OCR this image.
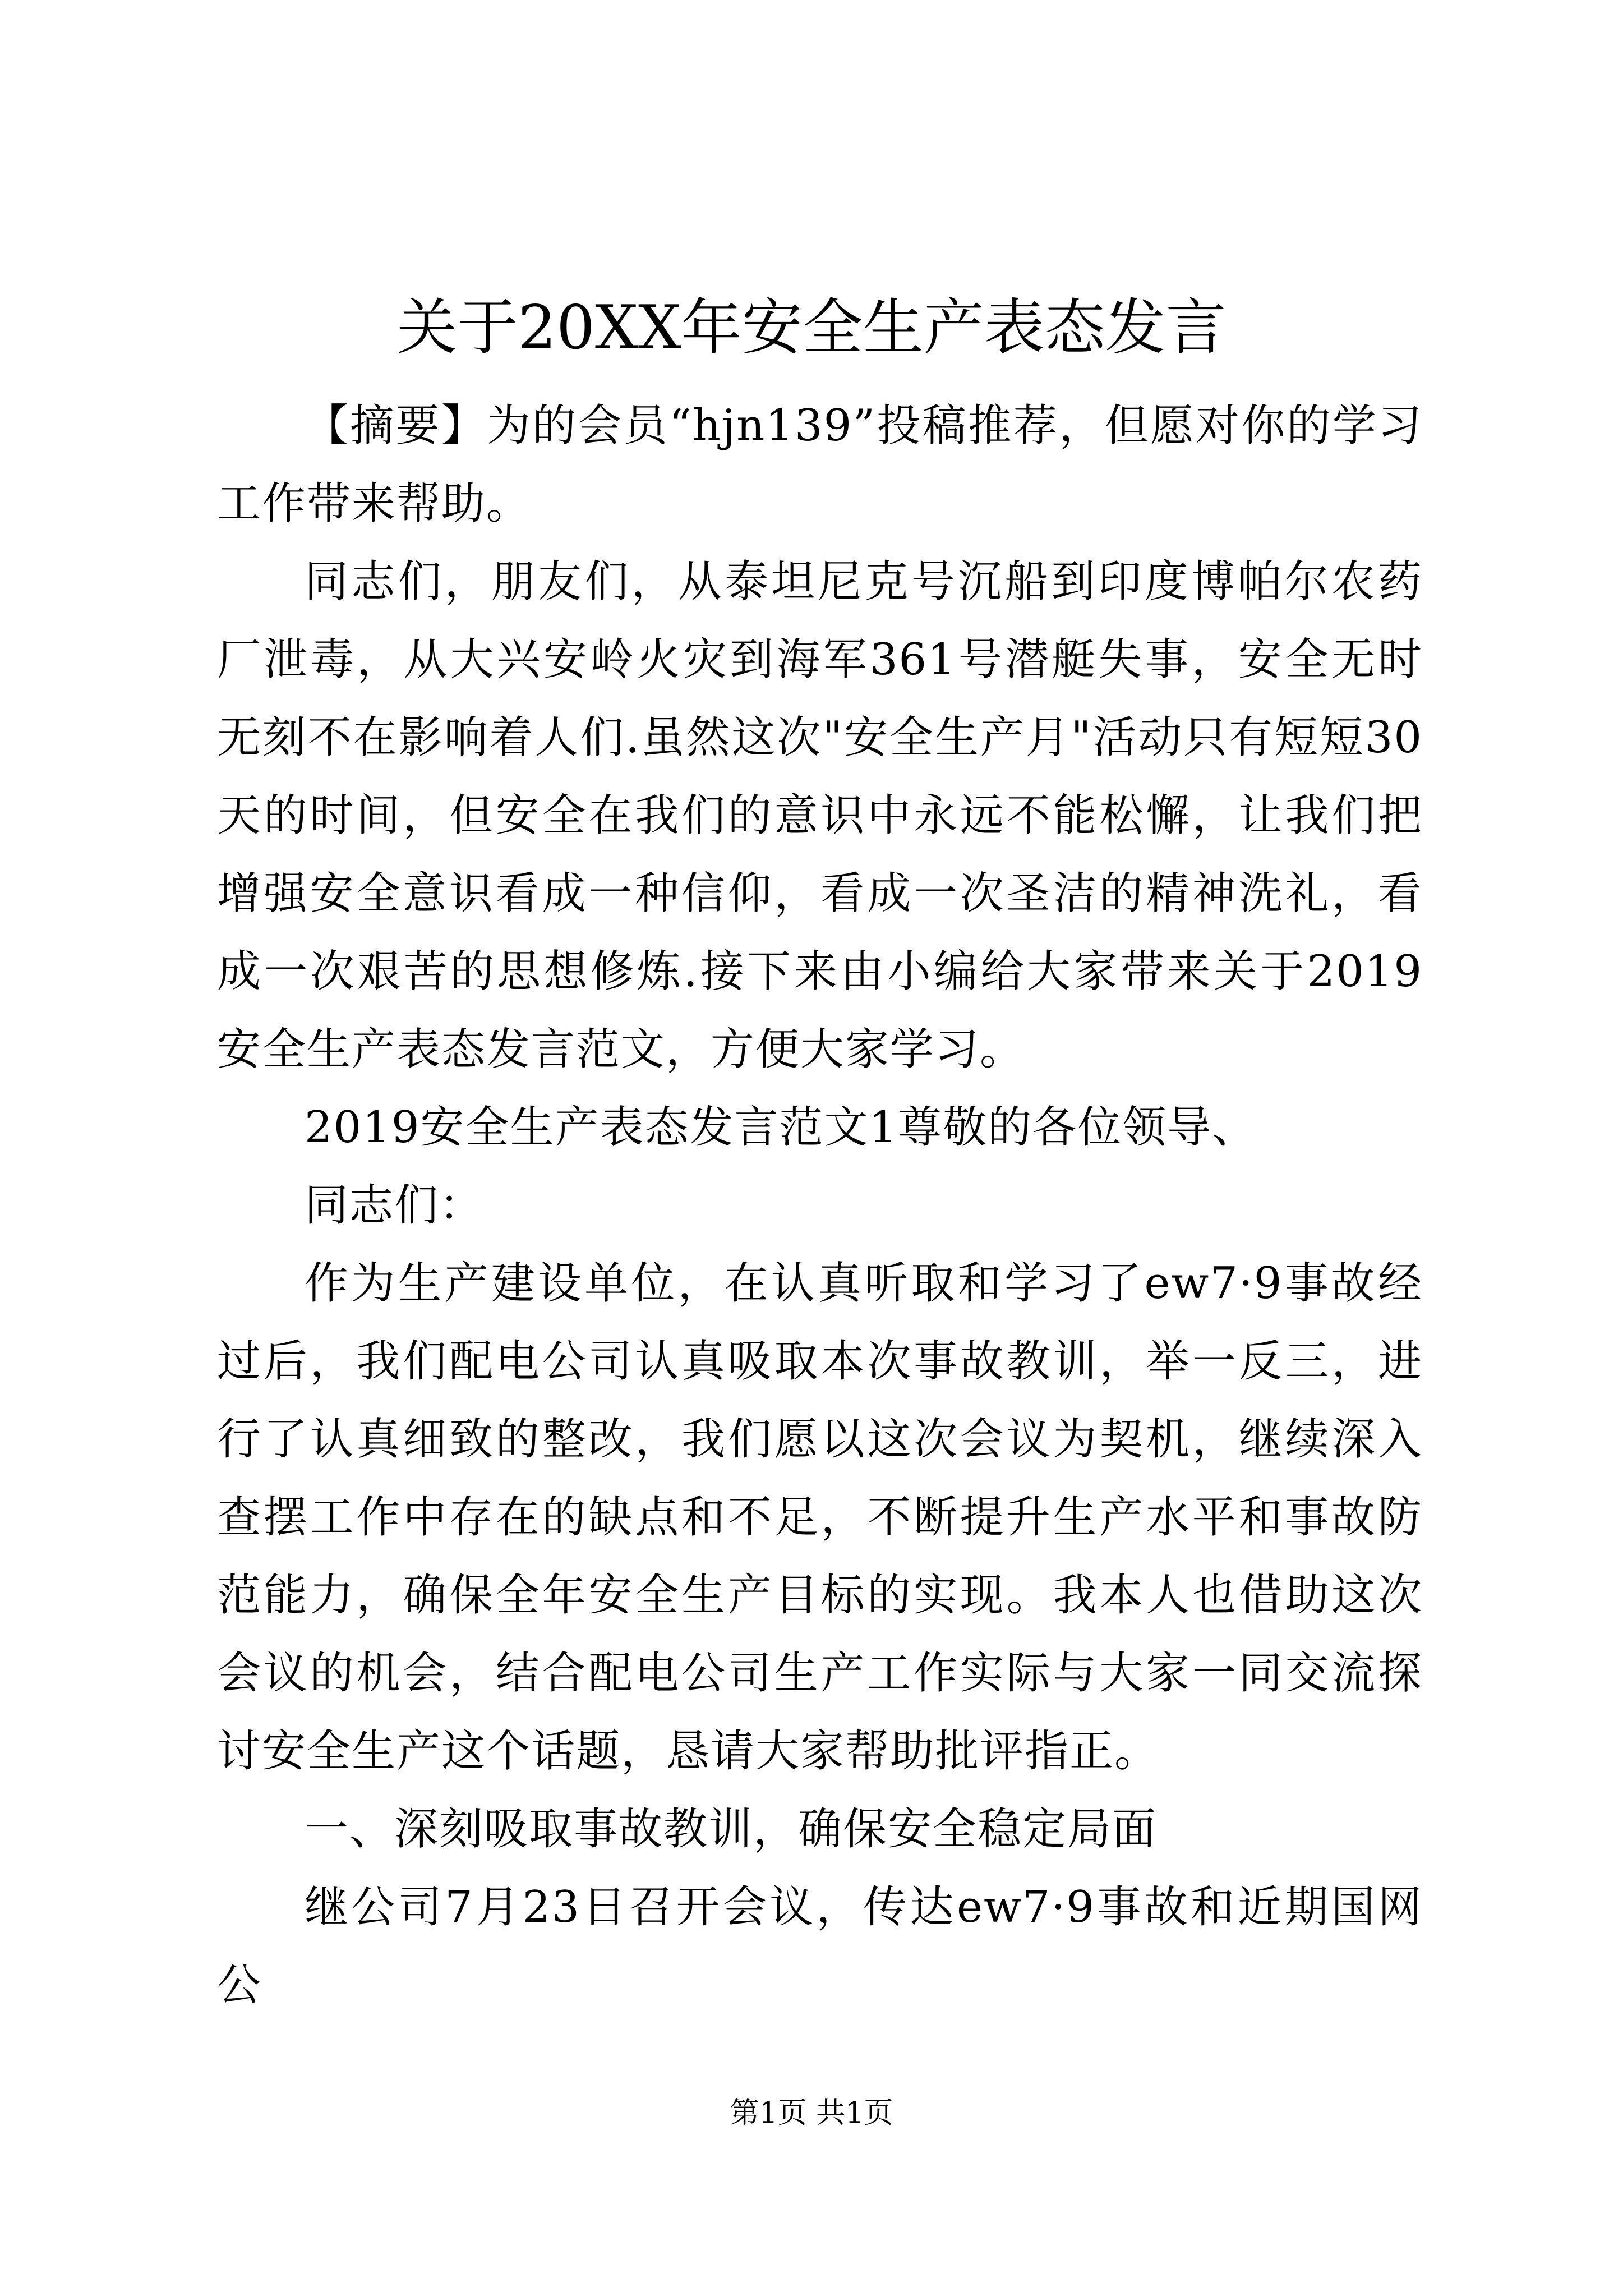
关于20XX年安全生产表态发言

【摘要】为的会员“hjn139”投稿推荐，但愿对你的学习工作带来帮助。

同志们，朋友们，从泰坦尼克号沉船到印度博帕尔农药厂泄毒，从大兴安岭火灾到海军361号潜艇失事，安全无时无刻不在影响着人们.虽然这次"安全生产月"活动只有短短30天的时间，但安全在我们的意识中永远不能松懈，让我们把增强安全意识看成一种信仰，看成一次圣洁的精神洗礼，看成一次艰苦的思想修炼.接下来由小编给大家带来关于2019安全生产表态发言范文，方便大家学习。

2019安全生产表态发言范文1尊敬的各位领导、

同志们：

作为生产建设单位，在认真听取和学习了ew7·9事故经过后，我们配电公司认真吸取本次事故教训，举一反三，进行了认真细致的整改，我们愿以这次会议为契机，继续深入查摆工作中存在的缺点和不足，不断提升生产水平和事故防范能力，确保全年安全生产目标的实现。我本人也借助这次会议的机会，结合配电公司生产工作实际与大家一同交流探讨安全生产这个话题，恳请大家帮助批评指正。

一、深刻吸取事故教训，确保安全稳定局面

继公司7月23日召开会议，传达ew7·9事故和近期国网公

第1页 共1页
